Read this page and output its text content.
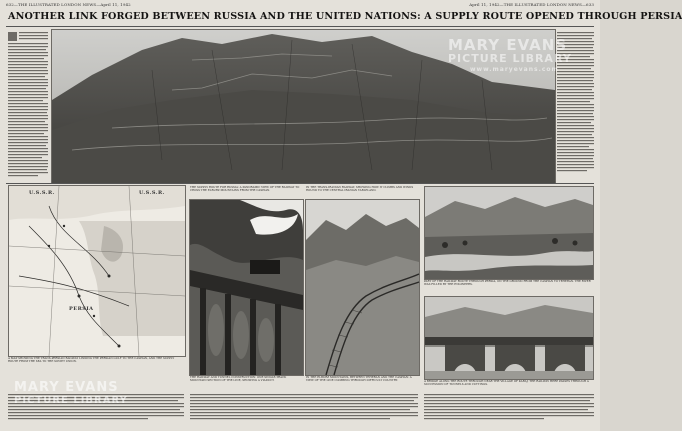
632—THE ILLUSTRATED LONDON NEWS—April 11, 1942	April 11, 1942—THE ILLUSTRATED LONDON NEWS—633
ANOTHER LINK FORGED BETWEEN RUSSIA AND THE UNITED NATIONS: A SUPPLY ROUTE OPENED THROUGH PERSIA
U.S.S.R.	U.S.S.R.
PERSIA
A MAP SHOWING THE TRANS-PERSIAN RAILWAY LINKING THE PERSIAN GULF TO THE CASPIAN, AND THE SUPPLY ROUTE FROM THE SEA TO THE SOVIET UNION.
THE SUPPLY ROUTE FOR RUSSIA: A PANORAMIC VIEW OF THE RAILWAY TO CROSS THE ELBURZ MOUNTAINS FROM THE CASPIAN.
THE RAILWAY AND TUNNEL CONSTRUCTION: ONE SINGLE-TRACK MOUNTAIN SECTION OF THE LINE, SHOWING A VIADUCT.
IN THE TRANS-IRANIAN RAILWAY, SHOWING HOW IT CLIMBS AND WINDS ROUND TO THE CENTRAL IRANIAN TABLELAND.
IN THE ELBURZ MOUNTAINS, BETWEEN TEHERAN AND THE CASPIAN: A VIEW OF THE LINE CLIMBING THROUGH DIFFICULT COUNTRY.
PART OF THE RAILWAY ROUTE THROUGH PERSIA, ON THE GROUND FROM THE CASPIAN TO TEHERAN. THE RIVER WAS FILLED BY THE ENGINEERS.
A BRIDGE ALONG THE ROUTE THROUGH NEAR THE VILLAGE OF KARAJ: THE RAILWAY HERE PASSES THROUGH A SUCCESSION OF TUNNELS AND CUTTINGS.
MARY EVANS
PICTURE LIBRARY
www.maryevans.com
MARY EVANS
PICTURE LIBRARY
